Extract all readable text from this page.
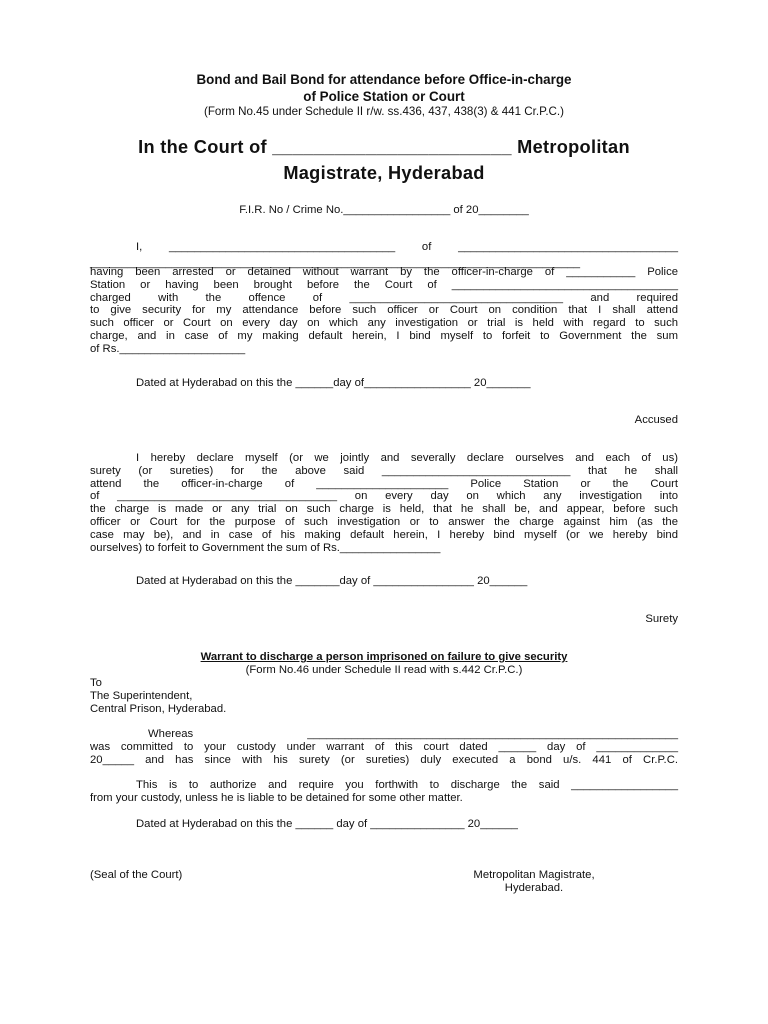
Bond and Bail Bond for attendance before Office-in-charge
of Police Station or Court
(Form No.45 under Schedule II r/w. ss.436, 437, 438(3) & 441 Cr.P.C.)
In the Court of _______________________ Metropolitan
Magistrate, Hyderabad
F.I.R. No / Crime No._________________ of 20________
I, ____________________________________ of ___________________________________
______________________________________________________________________________
having been arrested or detained without warrant by the officer-in-charge of ___________ Police
Station or having been brought before the Court of ____________________________________
charged with the offence of __________________________________ and required
to give security for my attendance before such officer or Court on condition that I shall attend
such officer or Court on every day on which any investigation or trial is held with regard to such
charge, and in case of my making default herein, I bind myself to forfeit to Government the sum
of Rs.____________________
Dated at Hyderabad on this the ______day of_________________ 20_______
Accused
I hereby declare myself (or we jointly and severally declare ourselves and each of us)
surety (or sureties) for the above said ______________________________ that he shall
attend the officer-in-charge of _____________________ Police Station or the Court
of ___________________________________ on every day on which any investigation into
the charge is made or any trial on such charge is held, that he shall be, and appear, before such
officer or Court for the purpose of such investigation or to answer the charge against him (as the
case may be), and in case of his making default herein, I hereby bind myself (or we hereby bind
ourselves) to forfeit to Government the sum of Rs.________________
Dated at Hyderabad on this the _______day of ________________ 20______
Surety
Warrant to discharge a person imprisoned on failure to give security
(Form No.46 under Schedule II read with s.442 Cr.P.C.)
To
The Superintendent,
Central Prison, Hyderabad.
Whereas ___________________________________________________________
was committed to your custody under warrant of this court dated ______ day of _____________
20_____ and has since with his surety (or sureties) duly executed a bond u/s. 441 of Cr.P.C.
This is to authorize and require you forthwith to discharge the said _________________
from your custody, unless he is liable to be detained for some other matter.
Dated at Hyderabad on this the ______ day of _______________ 20______
(Seal of the Court)	Metropolitan Magistrate,
Hyderabad.
